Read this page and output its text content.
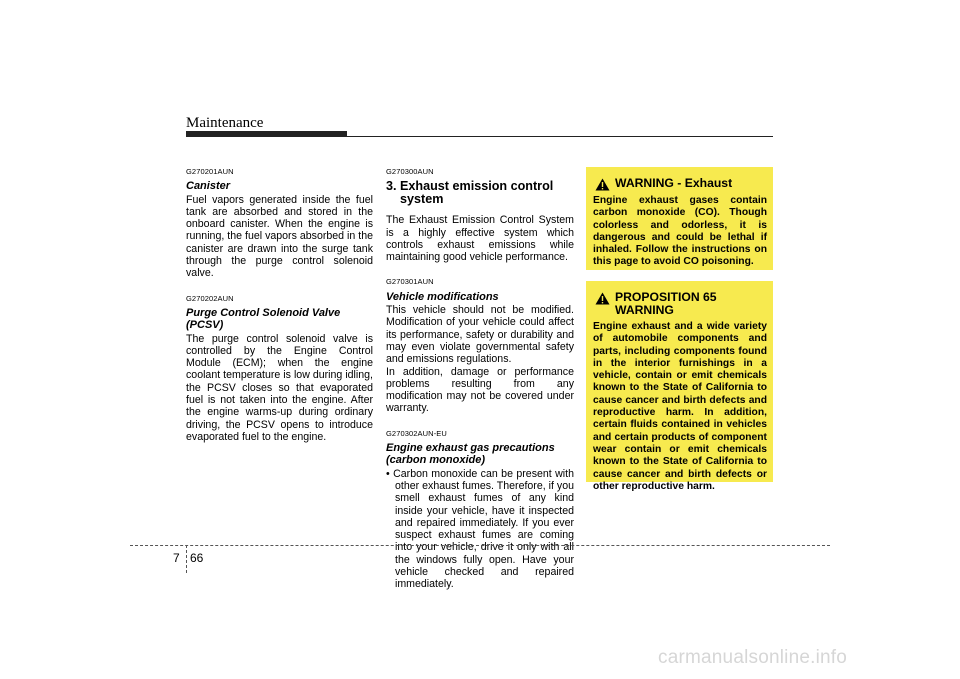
Maintenance
G270201AUN
Canister

Fuel vapors generated inside the fuel tank are absorbed and stored in the onboard canister. When the engine is running, the fuel vapors absorbed in the canister are drawn into the surge tank through the purge control solenoid valve.

G270202AUN
Purge Control Solenoid Valve (PCSV)

The purge control solenoid valve is controlled by the Engine Control Module (ECM); when the engine coolant temperature is low during idling, the PCSV closes so that evaporated fuel is not taken into the engine. After the engine warms-up during ordinary driving, the PCSV opens to introduce evaporated fuel to the engine.

G270300AUN
3. Exhaust emission control system

The Exhaust Emission Control System is a highly effective system which controls exhaust emissions while maintaining good vehicle performance.

G270301AUN
Vehicle modifications

This vehicle should not be modified. Modification of your vehicle could affect its performance, safety or durability and may even violate governmental safety and emissions regulations.

In addition, damage or performance problems resulting from any modification may not be covered under warranty.

G270302AUN-EU
Engine exhaust gas precautions (carbon monoxide)

• Carbon monoxide can be present with other exhaust fumes. Therefore, if you smell exhaust fumes of any kind inside your vehicle, have it inspected and repaired immediately. If you ever suspect exhaust fumes are coming into your vehicle, drive it only with all the windows fully open. Have your vehicle checked and repaired immediately.

WARNING - Exhaust
Engine exhaust gases contain carbon monoxide (CO). Though colorless and odorless, it is dangerous and could be lethal if inhaled. Follow the instructions on this page to avoid CO poisoning.
PROPOSITION 65 WARNING
Engine exhaust and a wide variety of automobile components and parts, including components found in the interior furnishings in a vehicle, contain or emit chemicals known to the State of California to cause cancer and birth defects and reproductive harm. In addition, certain fluids contained in vehicles and certain products of component wear contain or emit chemicals known to the State of California to cause cancer and birth defects or other reproductive harm.
7 66
carmanualsonline.info
